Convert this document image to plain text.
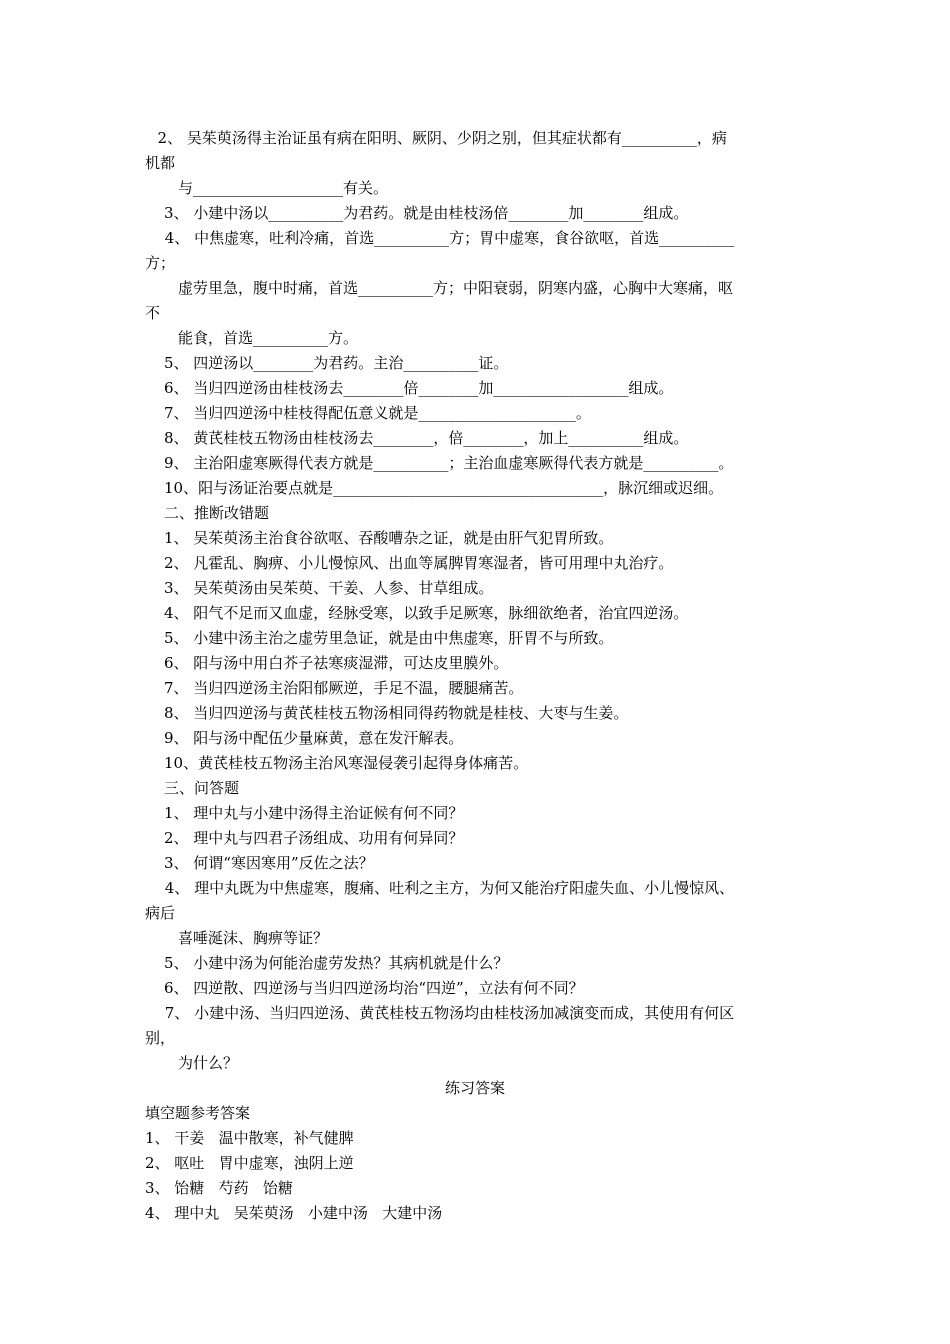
2、 吴茱萸汤得主治证虽有病在阳明、厥阴、少阴之别，但其症状都有__________，病
机都
与____________________有关。
3、 小建中汤以__________为君药。就是由桂枝汤倍________加________组成。
4、 中焦虚寒，吐利冷痛，首选__________方；胃中虚寒，食谷欲呕，首选__________
方；
虚劳里急，腹中时痛，首选__________方；中阳衰弱，阴寒内盛，心胸中大寒痛，呕
不
能食，首选__________方。
5、 四逆汤以________为君药。主治__________证。
6、 当归四逆汤由桂枝汤去________倍________加__________________组成。
7、 当归四逆汤中桂枝得配伍意义就是_____________________。
8、 黄芪桂枝五物汤由桂枝汤去________，倍________，加上__________组成。
9、 主治阳虚寒厥得代表方就是__________；主治血虚寒厥得代表方就是__________。
10、阳与汤证治要点就是____________________________________，脉沉细或迟细。
二、推断改错题
1、 吴茱萸汤主治食谷欲呕、吞酸嘈杂之证，就是由肝气犯胃所致。
2、 凡霍乱、胸痹、小儿慢惊风、出血等属脾胃寒湿者，皆可用理中丸治疗。
3、 吴茱萸汤由吴茱萸、干姜、人参、甘草组成。
4、 阳气不足而又血虚，经脉受寒，以致手足厥寒，脉细欲绝者，治宜四逆汤。
5、 小建中汤主治之虚劳里急证，就是由中焦虚寒，肝胃不与所致。
6、 阳与汤中用白芥子祛寒痰湿滞，可达皮里膜外。
7、 当归四逆汤主治阳郁厥逆，手足不温，腰腿痛苦。
8、 当归四逆汤与黄芪桂枝五物汤相同得药物就是桂枝、大枣与生姜。
9、 阳与汤中配伍少量麻黄，意在发汗解表。
10、黄芪桂枝五物汤主治风寒湿侵袭引起得身体痛苦。
三、问答题
1、 理中丸与小建中汤得主治证候有何不同？
2、 理中丸与四君子汤组成、功用有何异同？
3、 何谓“寒因寒用”反佐之法？
4、 理中丸既为中焦虚寒，腹痛、吐利之主方，为何又能治疗阳虚失血、小儿慢惊风、
病后
喜唾涎沫、胸痹等证？
5、 小建中汤为何能治虚劳发热？其病机就是什么？
6、 四逆散、四逆汤与当归四逆汤均治“四逆”，立法有何不同？
7、 小建中汤、当归四逆汤、黄芪桂枝五物汤均由桂枝汤加减演变而成，其使用有何区
别，
为什么？
练习答案
填空题参考答案
1、 干姜   温中散寒，补气健脾
2、 呕吐   胃中虚寒，浊阴上逆
3、 饴糖   芍药   饴糖
4、 理中丸   吴茱萸汤   小建中汤   大建中汤
